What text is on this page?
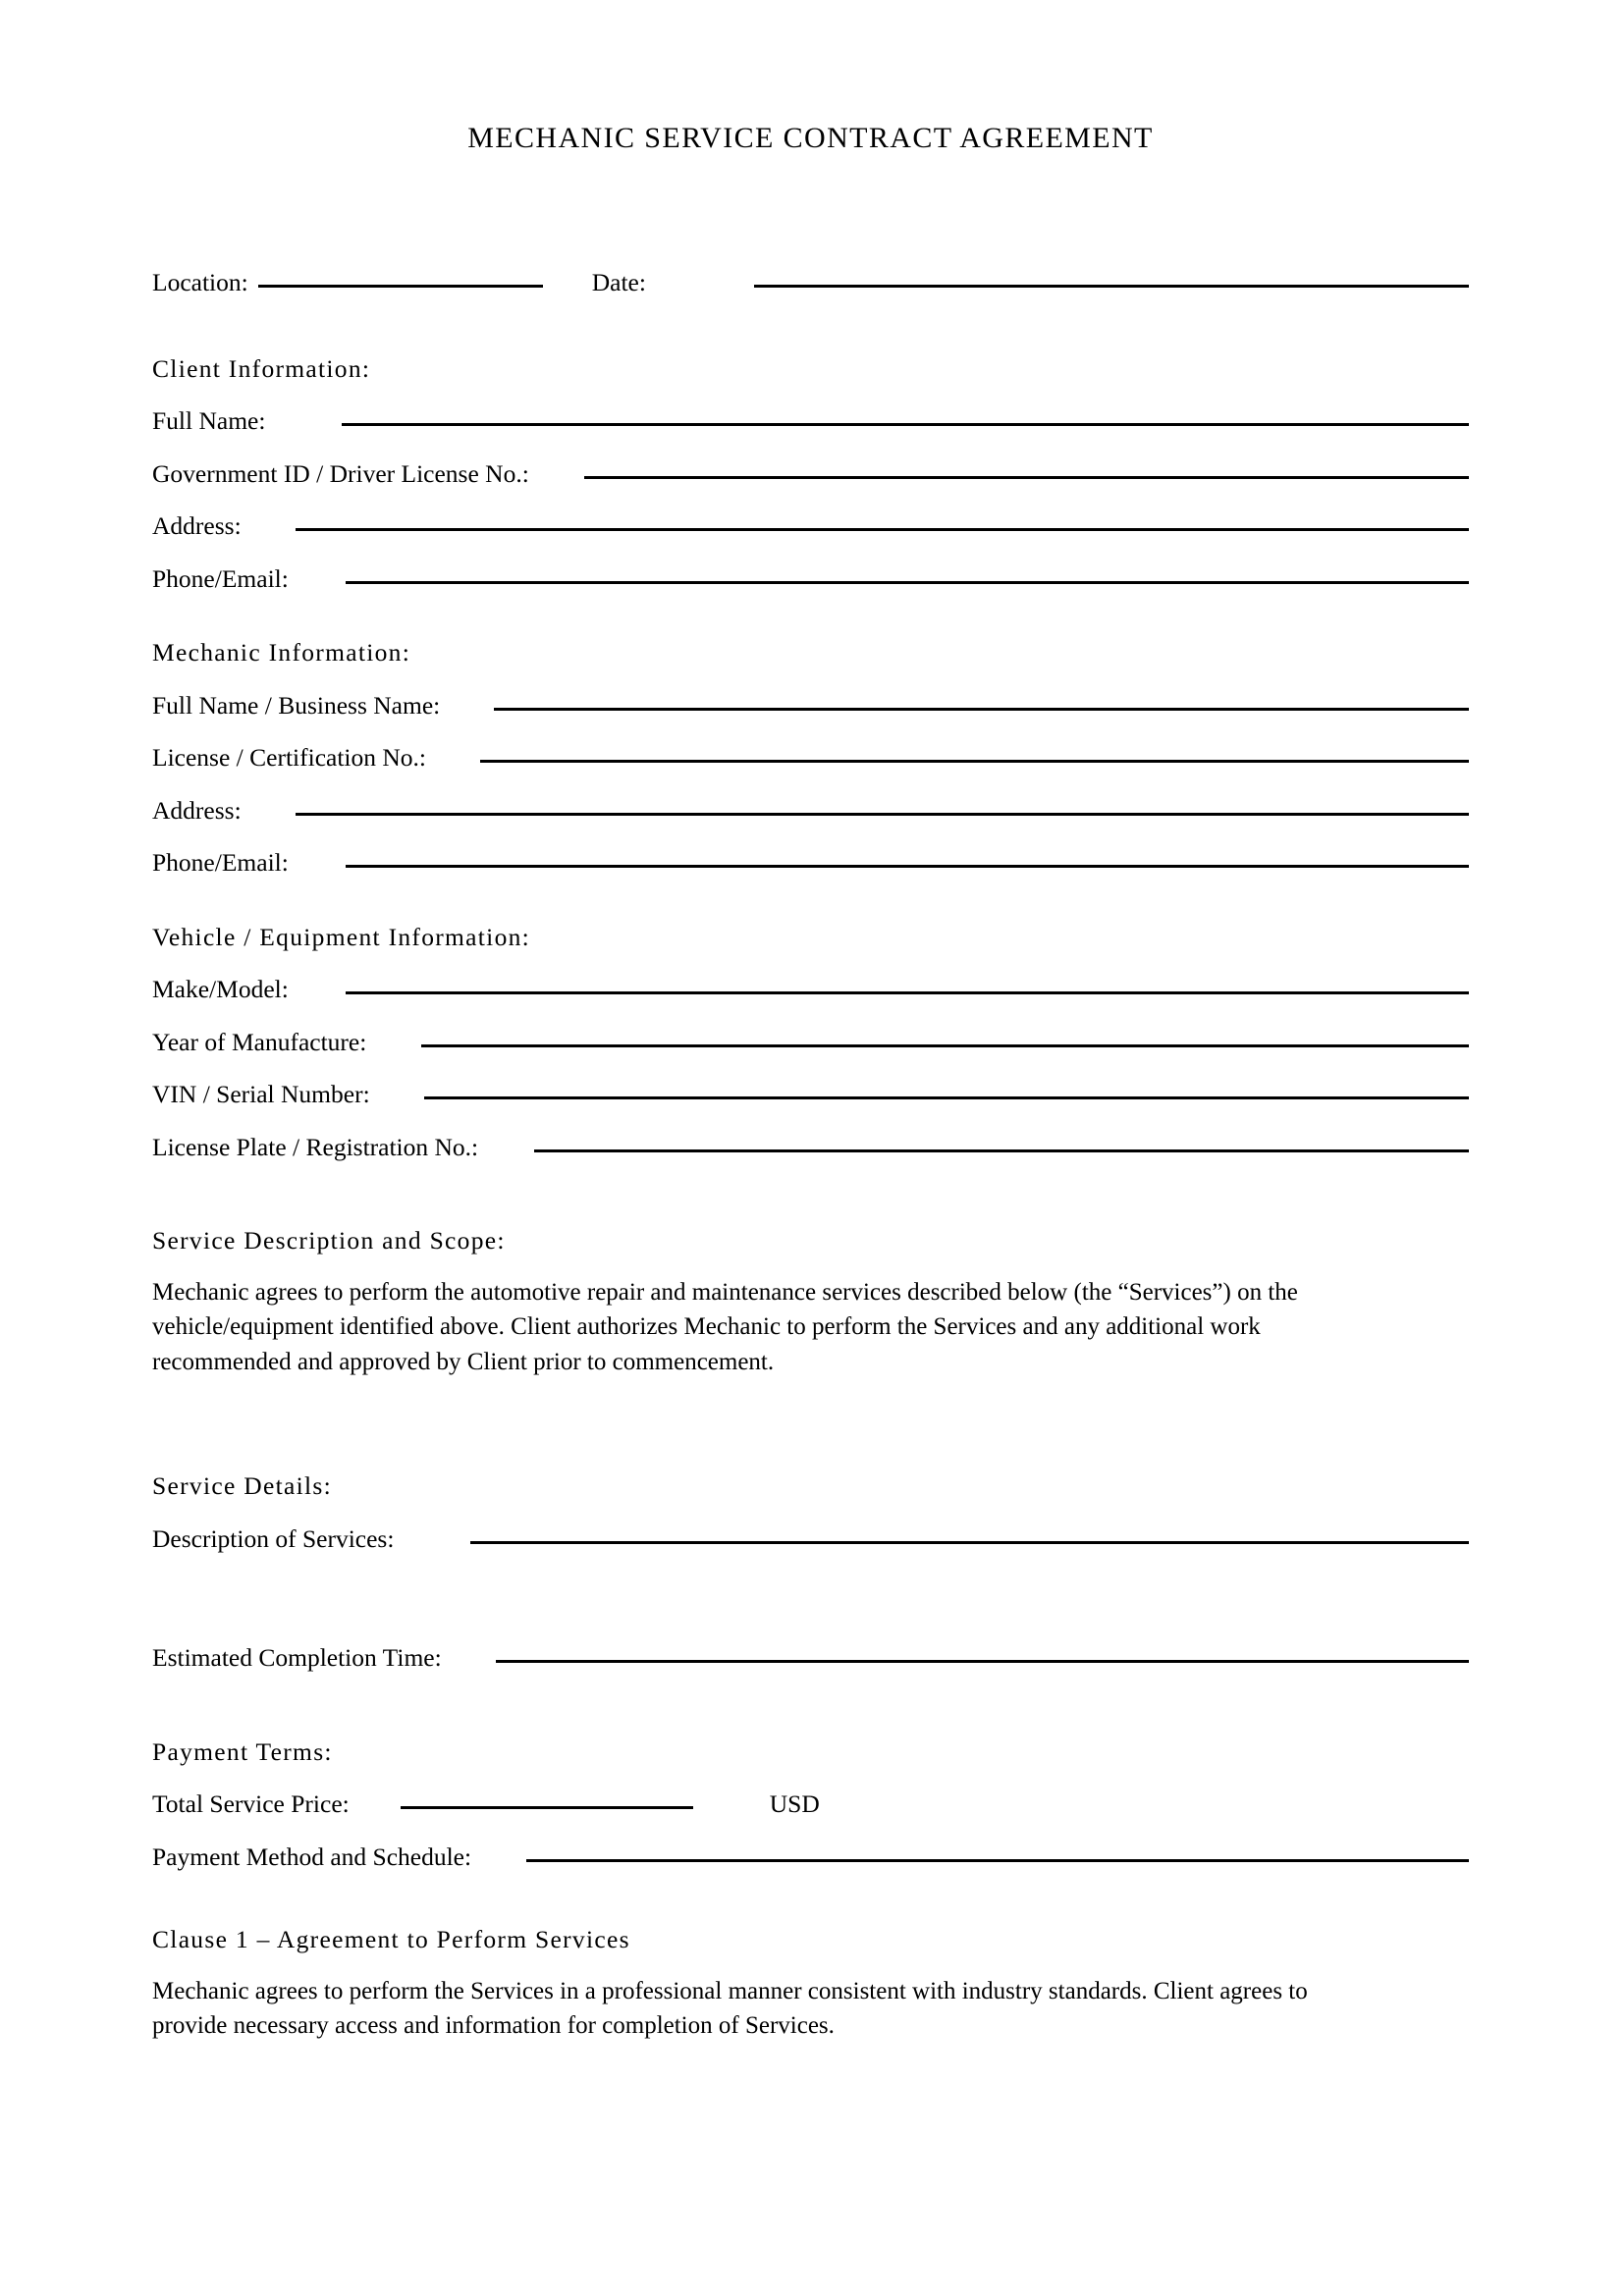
MECHANIC SERVICE CONTRACT AGREEMENT
Location:	Date:
Client Information:
Full Name:
Government ID / Driver License No.:
Address:
Phone/Email:
Mechanic Information:
Full Name / Business Name:
License / Certification No.:
Address:
Phone/Email:
Vehicle / Equipment Information:
Make/Model:
Year of Manufacture:
VIN / Serial Number:
License Plate / Registration No.:
Service Description and Scope:

Mechanic agrees to perform the automotive repair and maintenance services described below (the “Services”) on the vehicle/equipment identified above. Client authorizes Mechanic to perform the Services and any additional work recommended and approved by Client prior to commencement.

Service Details:
Description of Services:
Estimated Completion Time:
Payment Terms:
Total Service Price:	USD
Payment Method and Schedule:
Clause 1 – Agreement to Perform Services

Mechanic agrees to perform the Services in a professional manner consistent with industry standards. Client agrees to provide necessary access and information for completion of Services.
